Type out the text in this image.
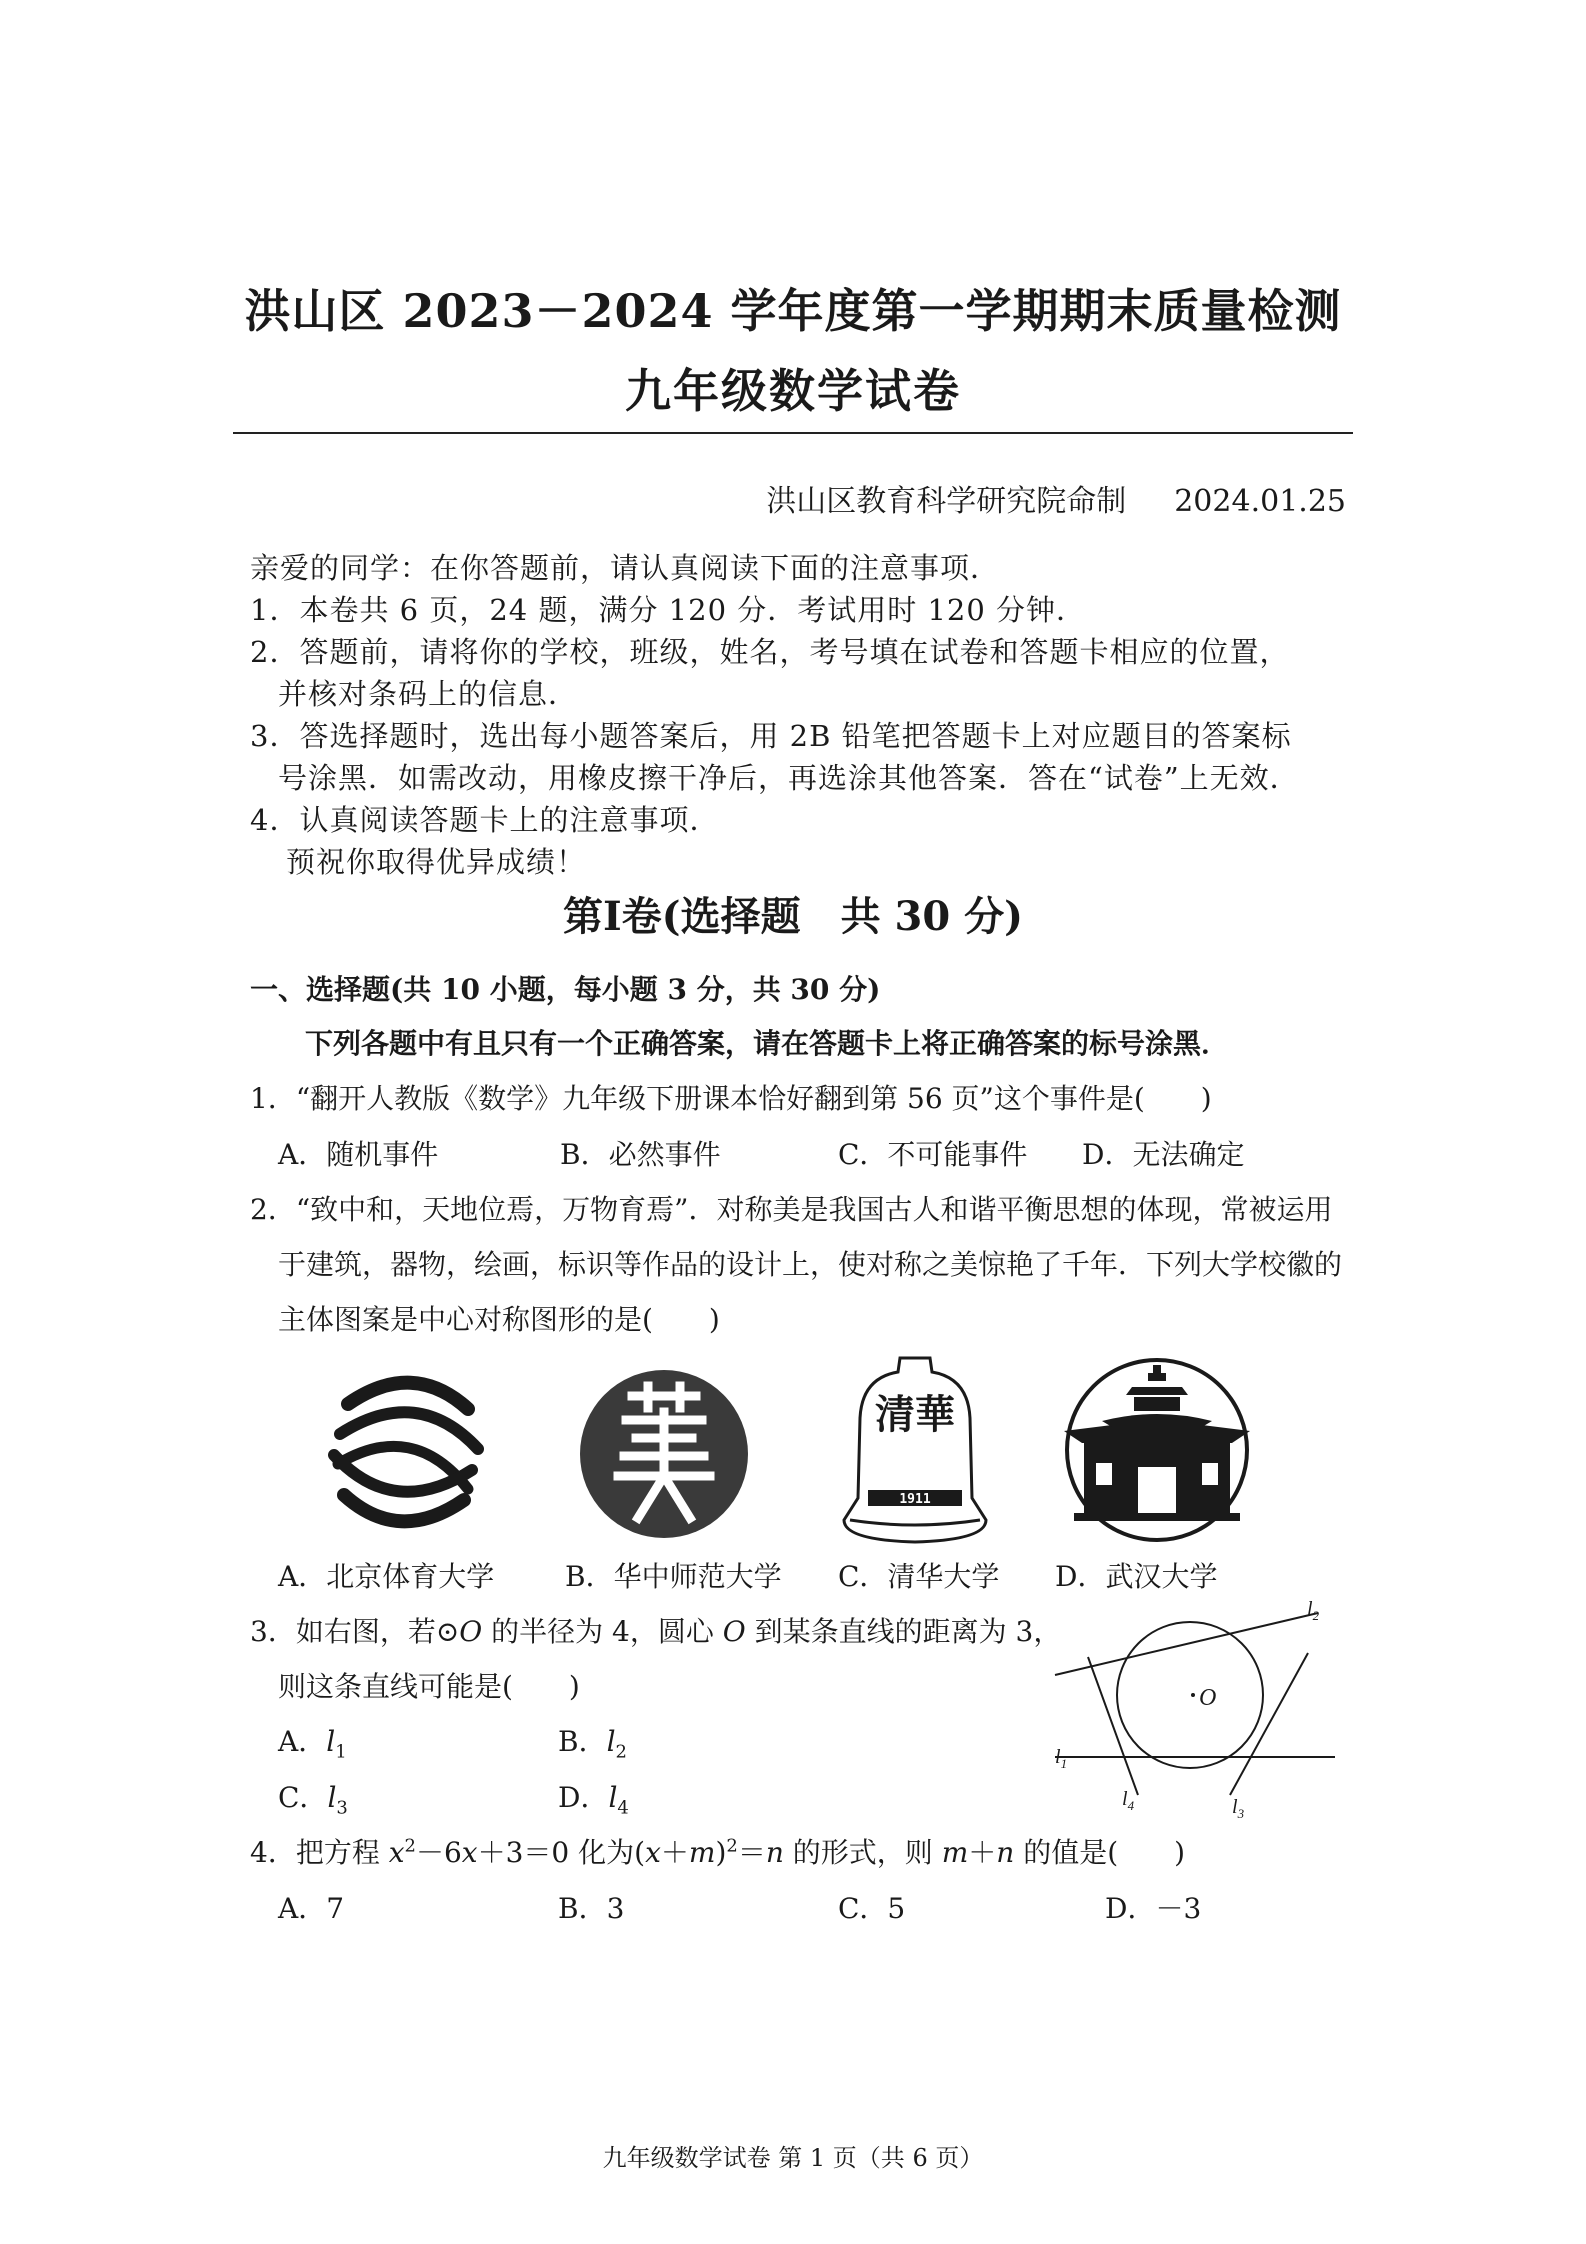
洪山区 2023－2024 学年度第一学期期末质量检测
九年级数学试卷
洪山区教育科学研究院命制 2024.01.25
亲爱的同学：在你答题前，请认真阅读下面的注意事项．
1．本卷共 6 页，24 题，满分 120 分．考试用时 120 分钟．
2．答题前，请将你的学校，班级，姓名，考号填在试卷和答题卡相应的位置，
并核对条码上的信息．
3．答选择题时，选出每小题答案后，用 2B 铅笔把答题卡上对应题目的答案标
号涂黑．如需改动，用橡皮擦干净后，再选涂其他答案．答在“试卷”上无效．
4．认真阅读答题卡上的注意事项．
预祝你取得优异成绩！
第Ⅰ卷(选择题　共 30 分)
一、选择题(共 10 小题，每小题 3 分，共 30 分)
下列各题中有且只有一个正确答案，请在答题卡上将正确答案的标号涂黑．
1．“翻开人教版《数学》九年级下册课本恰好翻到第 56 页”这个事件是(　　)
A．随机事件	B．必然事件	C．不可能事件 D．无法确定
2．“致中和，天地位焉，万物育焉”．对称美是我国古人和谐平衡思想的体现，常被运用
于建筑，器物，绘画，标识等作品的设计上，使对称之美惊艳了千年．下列大学校徽的
主体图案是中心对称图形的是(　　)
清華
1911
A．北京体育大学	B．华中师范大学 C．清华大学 D．武汉大学
3．如右图，若⊙O 的半径为 4，圆心 O 到某条直线的距离为 3，
则这条直线可能是(　　)
A．$l_1$	B．$l_2$
C．$l_3$	D．$l_4$
O
$l_2$
$l_1$
$l_4$	$l_3$
4．把方程 $x^2-6x+3=0$ 化为$(x+m)^2=n$ 的形式，则 m＋n 的值是(　　)
A．7	B．3	C．5	D．－3
九年级数学试卷 第 1 页（共 6 页）
